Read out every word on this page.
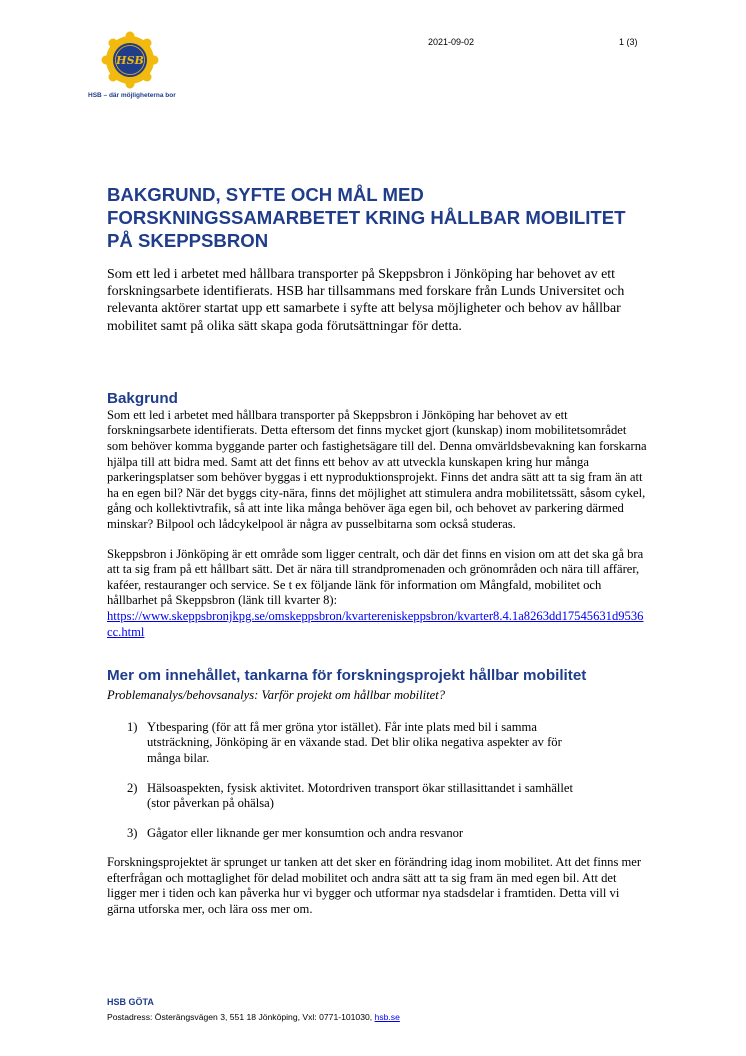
HSB
HSB – där möjligheterna bor
2021-09-02	1 (3)
BAKGRUND, SYFTE OCH MÅL MED FORSKNINGSSAMARBETET KRING HÅLLBAR MOBILITET PÅ SKEPPSBRON

Som ett led i arbetet med hållbara transporter på Skeppsbron i Jönköping har behovet av ett forskningsarbete identifierats. HSB har tillsammans med forskare från Lunds Universitet och relevanta aktörer startat upp ett samarbete i syfte att belysa möjligheter och behov av hållbar mobilitet samt på olika sätt skapa goda förutsättningar för detta.

Bakgrund

Som ett led i arbetet med hållbara transporter på Skeppsbron i Jönköping har behovet av ett forskningsarbete identifierats. Detta eftersom det finns mycket gjort (kunskap) inom mobilitetsområdet som behöver komma byggande parter och fastighetsägare till del. Denna omvärldsbevakning kan forskarna hjälpa till att bidra med. Samt att det finns ett behov av att utveckla kunskapen kring hur många parkeringsplatser som behöver byggas i ett nyproduktionsprojekt. Finns det andra sätt att ta sig fram än att ha en egen bil? När det byggs city-nära, finns det möjlighet att stimulera andra mobilitetssätt, såsom cykel, gång och kollektivtrafik, så att inte lika många behöver äga egen bil, och behovet av parkering därmed minskar? Bilpool och lådcykelpool är några av pusselbitarna som också studeras.

Skeppsbron i Jönköping är ett område som ligger centralt, och där det finns en vision om att det ska gå bra att ta sig fram på ett hållbart sätt. Det är nära till strandpromenaden och grönområden och nära till affärer, kaféer, restauranger och service. Se t ex följande länk för information om Mångfald, mobilitet och hållbarhet på Skeppsbron (länk till kvarter 8):
https://www.skeppsbronjkpg.se/omskeppsbron/kvartereniskeppsbron/kvarter8.4.1a8263dd17545631d9536cc.html

Mer om innehållet, tankarna för forskningsprojekt hållbar mobilitet

Problemanalys/behovsanalys: Varför projekt om hållbar mobilitet?

1) Ytbesparing (för att få mer gröna ytor istället). Får inte plats med bil i samma utsträckning, Jönköping är en växande stad. Det blir olika negativa aspekter av för många bilar.
2) Hälsoaspekten, fysisk aktivitet. Motordriven transport ökar stillasittandet i samhället (stor påverkan på ohälsa)
3) Gågator eller liknande ger mer konsumtion och andra resvanor

Forskningsprojektet är sprunget ur tanken att det sker en förändring idag inom mobilitet. Att det finns mer efterfrågan och mottaglighet för delad mobilitet och andra sätt att ta sig fram än med egen bil. Att det ligger mer i tiden och kan påverka hur vi bygger och utformar nya stadsdelar i framtiden. Detta vill vi gärna utforska mer, och lära oss mer om.

HSB GÖTA
Postadress: Österängsvägen 3, 551 18 Jönköping, Vxl: 0771-101030, hsb.se
